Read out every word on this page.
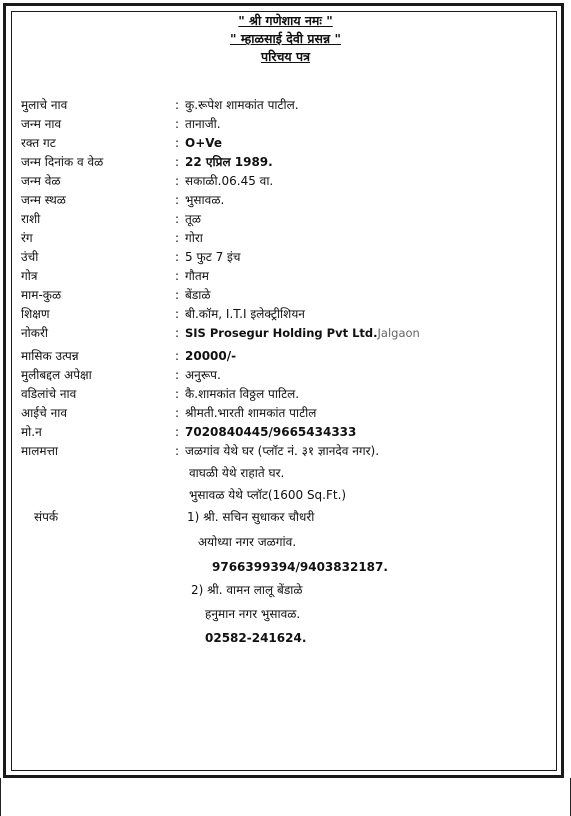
" श्री गणेशाय नमः "
" म्हाळसाई देवी प्रसन्न "
परिचय पत्र
मुलाचे नाव	: कु.रूपेश शामकांत पाटील.
जन्म नाव	: तानाजी.
रक्त गट	: O+Ve
जन्म दिनांक व वेळ	: 22 एप्रिल 1989.
जन्म वेळ	: सकाळी.06.45 वा.
जन्म स्थळ	: भुसावळ.
राशी	: तूळ
रंग	: गोरा
उंची	: 5 फुट 7 इंच
गोत्र	: गौतम
माम-कुळ	: बेंडाळे
शिक्षण	: बी.कॉम, I.T.I इलेक्ट्रीशियन
नोकरी	: SIS Prosegur Holding Pvt Ltd.Jalgaon
मासिक उत्पन्न	: 20000/-
मुलीबद्दल अपेक्षा	: अनुरूप.
वडिलांचे नाव	: कै.शामकांत विठ्ठल पाटिल.
आईचे नाव	: श्रीमती.भारती शामकांत पाटील
मो.न	: 7020840445/9665434333
मालमत्ता	: जळगांव येथे घर (प्लॉट नं. ३१ ज्ञानदेव नगर).
वाघळी येथे राहाते घर.
भुसावळ येथे प्लॉट(1600 Sq.Ft.)
संपर्क	1) श्री. सचिन सुधाकर चौधरी
अयोध्या नगर जळगांव.
9766399394/9403832187.
2) श्री. वामन लालू बेंडाळे
हनुमान नगर भुसावळ.
02582-241624.
